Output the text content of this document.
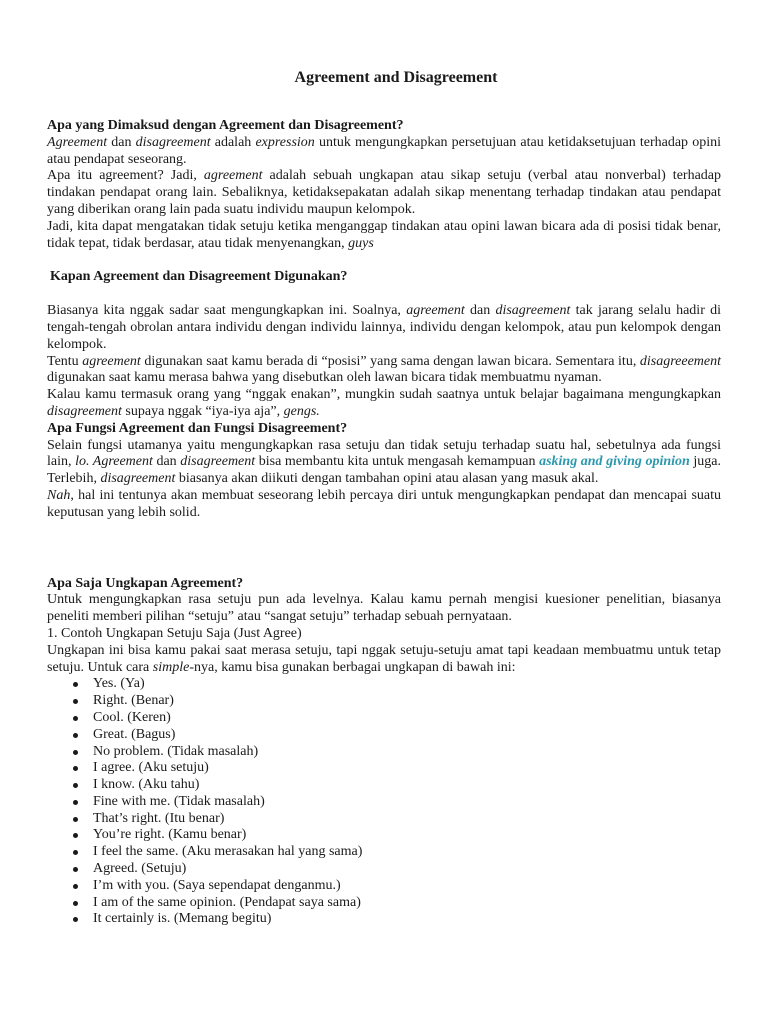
Agreement and Disagreement
Apa yang Dimaksud dengan Agreement dan Disagreement?

Agreement dan disagreement adalah expression untuk mengungkapkan persetujuan atau ketidaksetujuan terhadap opini atau pendapat seseorang.

Apa itu agreement? Jadi, agreement adalah sebuah ungkapan atau sikap setuju (verbal atau nonverbal) terhadap tindakan pendapat orang lain. Sebaliknya, ketidaksepakatan adalah sikap menentang terhadap tindakan atau pendapat yang diberikan orang lain pada suatu individu maupun kelompok.

Jadi, kita dapat mengatakan tidak setuju ketika menganggap tindakan atau opini lawan bicara ada di posisi tidak benar, tidak tepat, tidak berdasar, atau tidak menyenangkan, guys

Kapan Agreement dan Disagreement Digunakan?

Biasanya kita nggak sadar saat mengungkapkan ini. Soalnya, agreement dan disagreement tak jarang selalu hadir di tengah-tengah obrolan antara individu dengan individu lainnya, individu dengan kelompok, atau pun kelompok dengan kelompok.

Tentu agreement digunakan saat kamu berada di “posisi” yang sama dengan lawan bicara. Sementara itu, disagreeement digunakan saat kamu merasa bahwa yang disebutkan oleh lawan bicara tidak membuatmu nyaman.

Kalau kamu termasuk orang yang “nggak enakan”, mungkin sudah saatnya untuk belajar bagaimana mengungkapkan disagreement supaya nggak “iya-iya aja”, gengs.

Apa Fungsi Agreement dan Fungsi Disagreement?

Selain fungsi utamanya yaitu mengungkapkan rasa setuju dan tidak setuju terhadap suatu hal, sebetulnya ada fungsi lain, lo. Agreement dan disagreement bisa membantu kita untuk mengasah kemampuan asking and giving opinion juga. Terlebih, disagreement biasanya akan diikuti dengan tambahan opini atau alasan yang masuk akal.

Nah, hal ini tentunya akan membuat seseorang lebih percaya diri untuk mengungkapkan pendapat dan mencapai suatu keputusan yang lebih solid.

Apa Saja Ungkapan Agreement?

Untuk mengungkapkan rasa setuju pun ada levelnya. Kalau kamu pernah mengisi kuesioner penelitian, biasanya peneliti memberi pilihan “setuju” atau “sangat setuju” terhadap sebuah pernyataan.

1. Contoh Ungkapan Setuju Saja (Just Agree)

Ungkapan ini bisa kamu pakai saat merasa setuju, tapi nggak setuju-setuju amat tapi keadaan membuatmu untuk tetap setuju. Untuk cara simple-nya, kamu bisa gunakan berbagai ungkapan di bawah ini:

Yes. (Ya)
Right. (Benar)
Cool. (Keren)
Great. (Bagus)
No problem. (Tidak masalah)
I agree. (Aku setuju)
I know. (Aku tahu)
Fine with me. (Tidak masalah)
That’s right. (Itu benar)
You’re right. (Kamu benar)
I feel the same. (Aku merasakan hal yang sama)
Agreed. (Setuju)
I’m with you. (Saya sependapat denganmu.)
I am of the same opinion. (Pendapat saya sama)
It certainly is. (Memang begitu)
